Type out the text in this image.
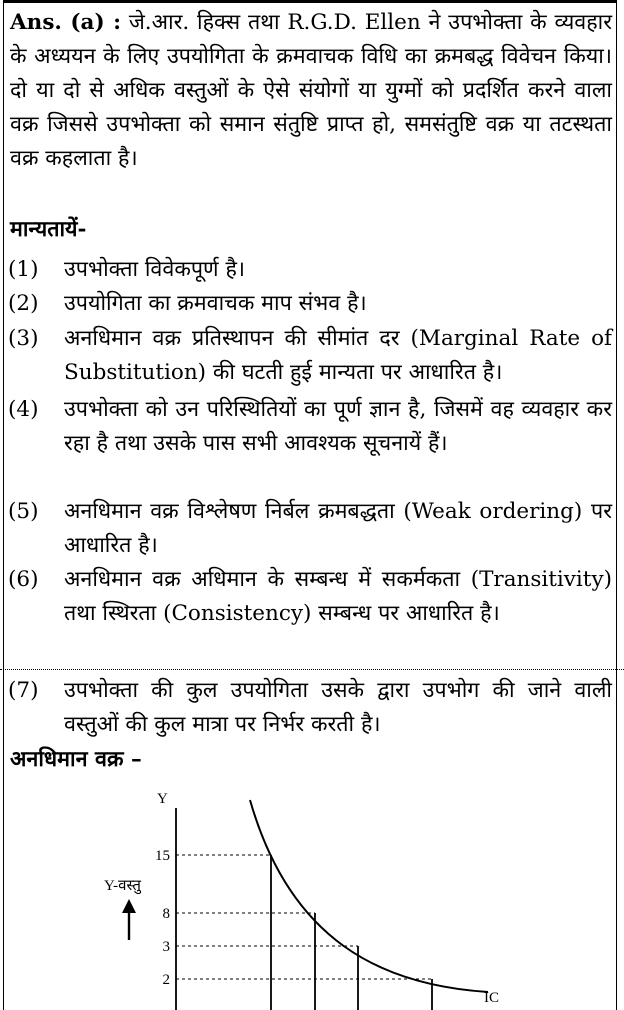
Ans. (a) : जे.आर. हिक्स तथा R.G.D. Ellen ने उपभोक्ता के व्यवहार के अध्ययन के लिए उपयोगिता के क्रमवाचक विधि का क्रमबद्ध विवेचन किया। दो या दो से अधिक वस्तुओं के ऐसे संयोगों या युग्मों को प्रदर्शित करने वाला वक्र जिससे उपभोक्ता को समान संतुष्टि प्राप्त हो, समसंतुष्टि वक्र या तटस्थता वक्र कहलाता है।
मान्यतायें-
(1) उपभोक्ता विवेकपूर्ण है।
(2) उपयोगिता का क्रमवाचक माप संभव है।
(3) अनधिमान वक्र प्रतिस्थापन की सीमांत दर (Marginal Rate of Substitution) की घटती हुई मान्यता पर आधारित है।
(4) उपभोक्ता को उन परिस्थितियों का पूर्ण ज्ञान है, जिसमें वह व्यवहार कर रहा है तथा उसके पास सभी आवश्यक सूचनायें हैं।
(5) अनधिमान वक्र विश्लेषण निर्बल क्रमबद्धता (Weak ordering) पर आधारित है।
(6) अनधिमान वक्र अधिमान के सम्बन्ध में सकर्मकता (Transitivity) तथा स्थिरता (Consistency) सम्बन्ध पर आधारित है।
(7) उपभोक्ता की कुल उपयोगिता उसके द्वारा उपभोग की जाने वाली वस्तुओं की कुल मात्रा पर निर्भर करती है।
अनधिमान वक्र –
Y
Y-वस्तु
15
8
3
2
IC
